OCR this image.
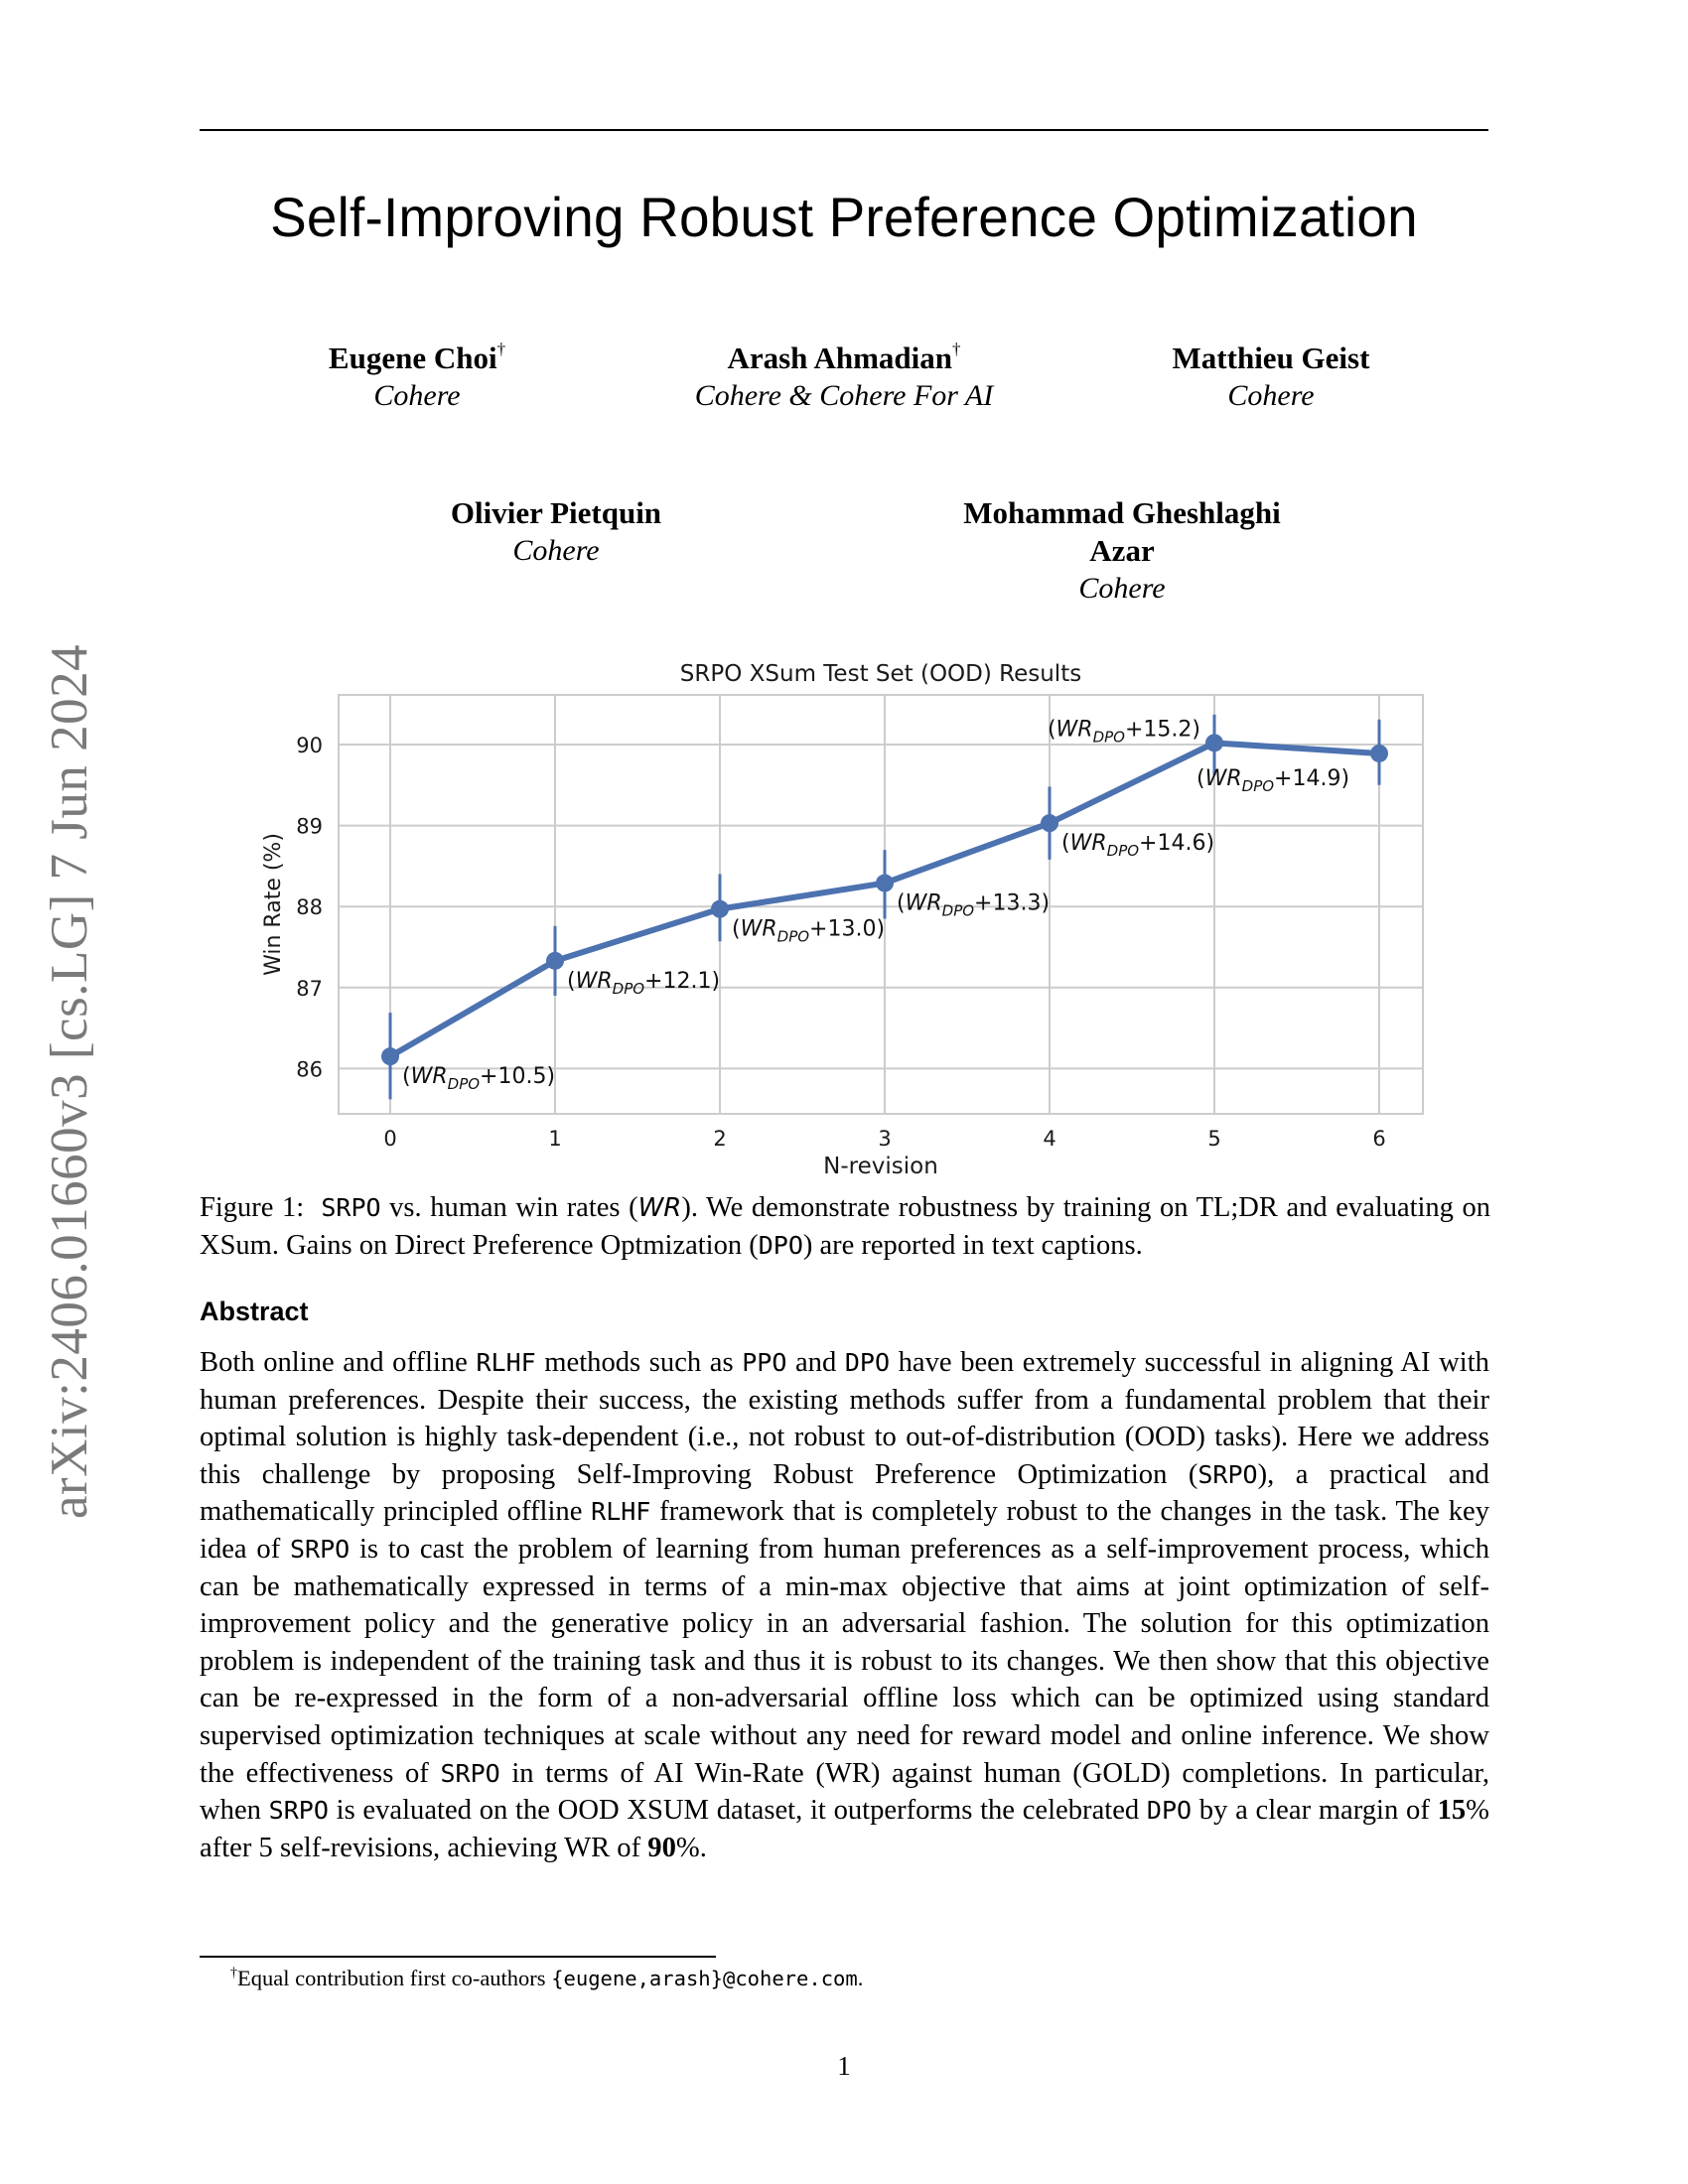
Self-Improving Robust Preference Optimization
arXiv:2406.01660v3 [cs.LG] 7 Jun 2024
Eugene Choi†
Cohere
Arash Ahmadian†
Cohere & Cohere For AI
Matthieu Geist
Cohere
Olivier Pietquin
Cohere
Mohammad Gheshlaghi
Azar
Cohere
SRPO XSum Test Set (OOD) Results
86
87
88
89
90
0	1	2	3	4	5	6
Win Rate (%)
N-revision
$(WR_{DPO}+10.5)$
$(WR_{DPO}+12.1)$
$(WR_{DPO}+13.0)$
$(WR_{DPO}+13.3)$
$(WR_{DPO}+14.6)$
$(WR_{DPO}+15.2)$
$(WR_{DPO}+14.9)$
Figure 1: SRPO vs. human win rates (WR). We demonstrate robustness by training on TL;DR and evaluating on XSum. Gains on Direct Preference Optmization (DPO) are reported in text captions.
Abstract
Both online and offline RLHF methods such as PPO and DPO have been extremely successful in aligning AI with human preferences. Despite their success, the existing methods suffer from a fundamental problem that their optimal solution is highly task-dependent (i.e., not robust to out-of-distribution (OOD) tasks). Here we address this challenge by proposing Self-Improving Robust Preference Optimization (SRPO), a practical and mathematically principled offline RLHF framework that is completely robust to the changes in the task. The key idea of SRPO is to cast the problem of learning from human preferences as a self-improvement process, which can be mathematically expressed in terms of a min-max objective that aims at joint optimization of self-improvement policy and the generative policy in an adversarial fashion. The solution for this optimization problem is independent of the training task and thus it is robust to its changes. We then show that this objective can be re-expressed in the form of a non-adversarial offline loss which can be optimized using standard supervised optimization techniques at scale without any need for reward model and online inference. We show the effectiveness of SRPO in terms of AI Win-Rate (WR) against human (GOLD) completions. In particular, when SRPO is evaluated on the OOD XSUM dataset, it outperforms the celebrated DPO by a clear margin of 15% after 5 self-revisions, achieving WR of 90%.
†Equal contribution first co-authors {eugene,arash}@cohere.com.
1
